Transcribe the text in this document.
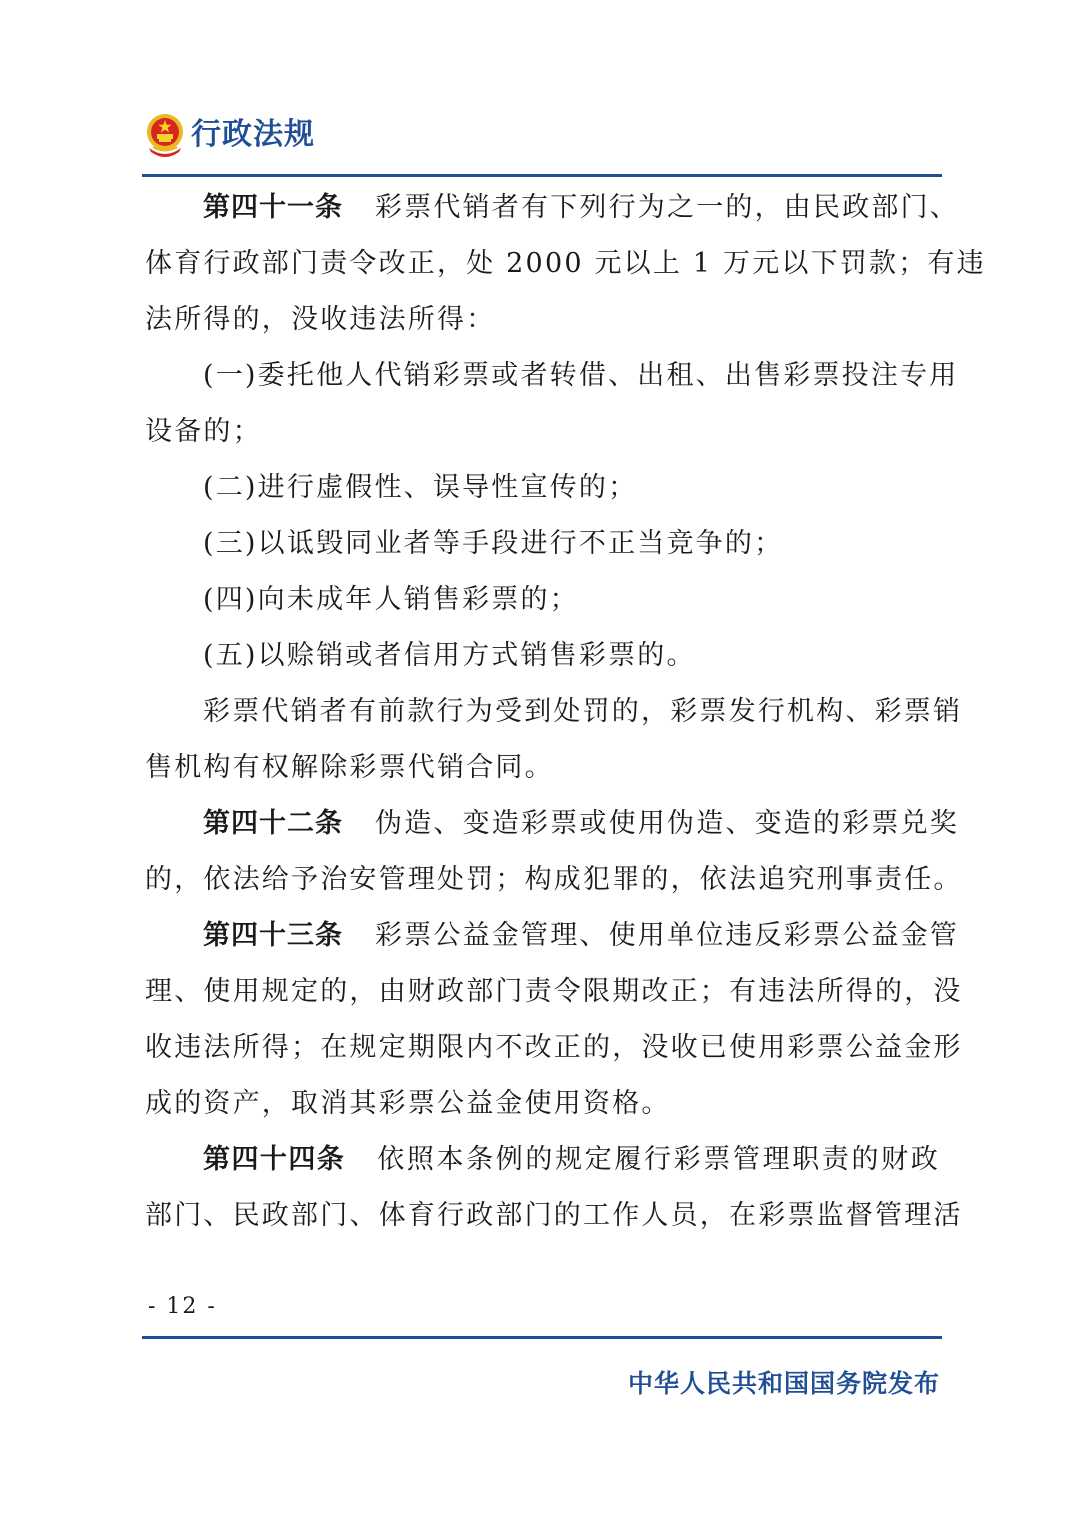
行政法规
第四十一条 彩票代销者有下列行为之一的，由民政部门、
体育行政部门责令改正，处 2000 元以上 1 万元以下罚款；有违
法所得的，没收违法所得：
(一)委托他人代销彩票或者转借、出租、出售彩票投注专用
设备的；
(二)进行虚假性、误导性宣传的；
(三)以诋毁同业者等手段进行不正当竞争的；
(四)向未成年人销售彩票的；
(五)以赊销或者信用方式销售彩票的。
彩票代销者有前款行为受到处罚的，彩票发行机构、彩票销
售机构有权解除彩票代销合同。
第四十二条 伪造、变造彩票或使用伪造、变造的彩票兑奖
的，依法给予治安管理处罚；构成犯罪的，依法追究刑事责任。
第四十三条 彩票公益金管理、使用单位违反彩票公益金管
理、使用规定的，由财政部门责令限期改正；有违法所得的，没
收违法所得；在规定期限内不改正的，没收已使用彩票公益金形
成的资产，取消其彩票公益金使用资格。
第四十四条 依照本条例的规定履行彩票管理职责的财政
部门、民政部门、体育行政部门的工作人员，在彩票监督管理活
- 12 -
中华人民共和国国务院发布
